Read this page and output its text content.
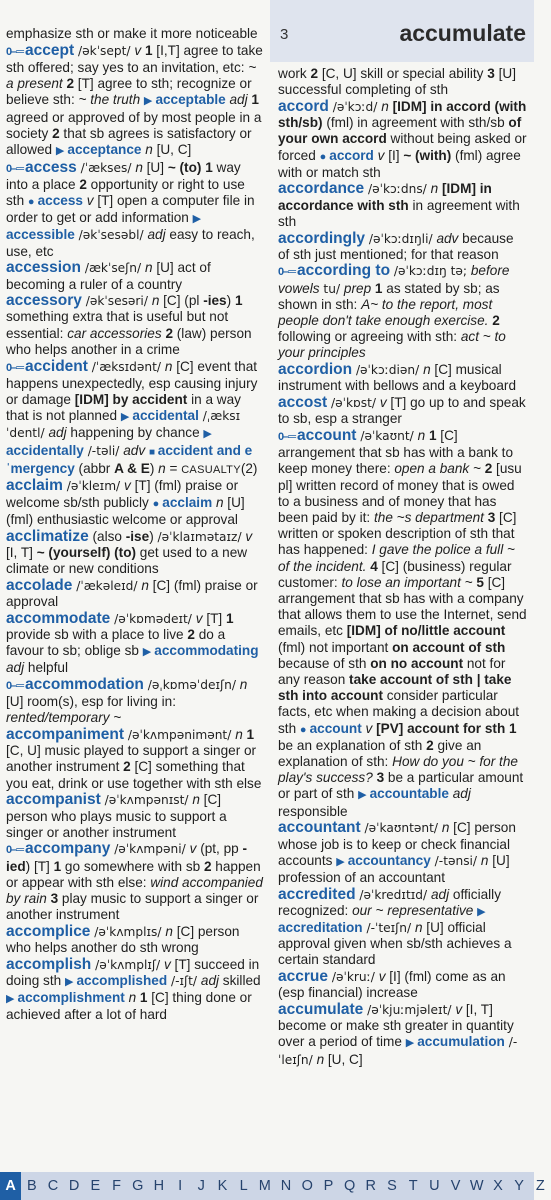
3	accumulate
emphasize sth or make it more noticeable
0–═ accept /əkˈsept/ v 1 [I,T] agree to take sth offered; say yes to an invitation, etc: ~ a present 2 [T] agree to sth; recognize or believe sth: ~ the truth ▶ acceptable adj 1 agreed or approved of by most people in a society 2 that sb agrees is satisfactory or allowed ▶ acceptance n [U, C]
0–═ access /ˈækses/ n [U] ~ (to) 1 way into a place 2 opportunity or right to use sth ● access v [T] open a computer file in order to get or add information ▶ accessible /əkˈsesəbl/ adj easy to reach, use, etc
accession /ækˈseʃn/ n [U] act of becoming a ruler of a country
accessory /əkˈsesəri/ n [C] (pl -ies) 1 something extra that is useful but not essential: car accessories 2 (law) person who helps another in a crime
0–═ accident /ˈæksɪdənt/ n [C] event that happens unexpectedly, esp causing injury or damage [IDM] by accident in a way that is not planned ▶ accidental /ˌæksɪˈdentl/ adj happening by chance ▶ accidentally /-təli/ adv ■ accident and eˈmergency (abbr A & E) n = CASUALTY(2)
acclaim /əˈkleɪm/ v [T] (fml) praise or welcome sb/sth publicly ● acclaim n [U] (fml) enthusiastic welcome or approval
acclimatize (also -ise) /əˈklaɪmətaɪz/ v [I, T] ~ (yourself) (to) get used to a new climate or new conditions
accolade /ˈækəleɪd/ n [C] (fml) praise or approval
accommodate /əˈkɒmədeɪt/ v [T] 1 provide sb with a place to live 2 do a favour to sb; oblige sb ▶ accommodating adj helpful
0–═ accommodation /əˌkɒməˈdeɪʃn/ n [U] room(s), esp for living in: rented/temporary ~
accompaniment /əˈkʌmpənimənt/ n 1 [C, U] music played to support a singer or another instrument 2 [C] something that you eat, drink or use together with sth else
accompanist /əˈkʌmpənɪst/ n [C] person who plays music to support a singer or another instrument
0–═ accompany /əˈkʌmpəni/ v (pt, pp -ied) [T] 1 go somewhere with sb 2 happen or appear with sth else: wind accompanied by rain 3 play music to support a singer or another instrument
accomplice /əˈkʌmplɪs/ n [C] person who helps another do sth wrong
accomplish /əˈkʌmplɪʃ/ v [T] succeed in doing sth ▶ accomplished /-ɪʃt/ adj skilled ▶ accomplishment n 1 [C] thing done or achieved after a lot of hard
work 2 [C, U] skill or special ability 3 [U] successful completing of sth
accord /əˈkɔːd/ n [IDM] in accord (with sth/sb) (fml) in agreement with sth/sb of your own accord without being asked or forced ● accord v [I] ~ (with) (fml) agree with or match sth
accordance /əˈkɔːdns/ n [IDM] in accordance with sth in agreement with sth
accordingly /əˈkɔːdɪŋli/ adv because of sth just mentioned; for that reason
0–═ according to /əˈkɔːdɪŋ tə; before vowels tu/ prep 1 as stated by sb; as shown in sth: A~ to the report, most people don't take enough exercise. 2 following or agreeing with sth: act ~ to your principles
accordion /əˈkɔːdiən/ n [C] musical instrument with bellows and a keyboard
accost /əˈkɒst/ v [T] go up to and speak to sb, esp a stranger
0–═ account /əˈkaʊnt/ n 1 [C] arrangement that sb has with a bank to keep money there: open a bank ~ 2 [usu pl] written record of money that is owed to a business and of money that has been paid by it: the ~s department 3 [C] written or spoken description of sth that has happened: I gave the police a full ~ of the incident. 4 [C] (business) regular customer: to lose an important ~ 5 [C] arrangement that sb has with a company that allows them to use the Internet, send emails, etc [IDM] of no/little account (fml) not important on account of sth because of sth on no account not for any reason take account of sth | take sth into account consider particular facts, etc when making a decision about sth ● account v [PV] account for sth 1 be an explanation of sth 2 give an explanation of sth: How do you ~ for the play's success? 3 be a particular amount or part of sth ▶ accountable adj responsible
accountant /əˈkaʊntənt/ n [C] person whose job is to keep or check financial accounts ▶ accountancy /-tənsi/ n [U] profession of an accountant
accredited /əˈkredɪtɪd/ adj officially recognized: our ~ representative ▶ accreditation /-ˈteɪʃn/ n [U] official approval given when sb/sth achieves a certain standard
accrue /əˈkruː/ v [I] (fml) come as an (esp financial) increase
accumulate /əˈkjuːmjəleɪt/ v [I, T] become or make sth greater in quantity over a period of time ▶ accumulation /-ˈleɪʃn/ n [U, C]
A B C D E F G H I	J K L M N O P Q R S T U V W X Y Z
